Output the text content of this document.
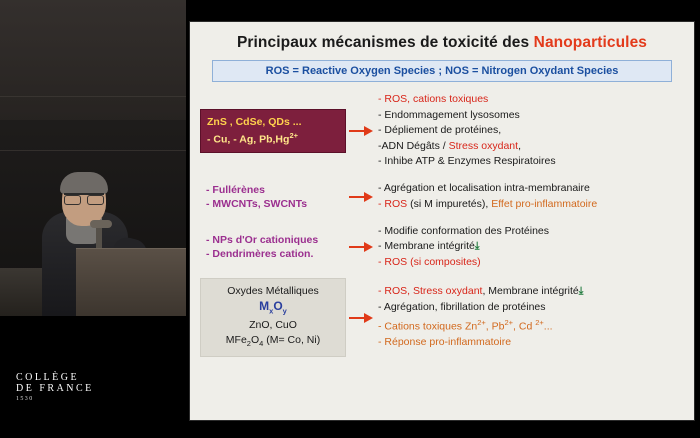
COLLÈGE
DE FRANCE
1530
Principaux mécanismes de toxicité des Nanoparticules
ROS = Reactive Oxygen Species ; NOS = Nitrogen Oxydant Species
ZnS , CdSe, QDs ...
- Cu, - Ag, $Pb,Hg^{2+}$
- ROS, cations toxiques
- Endommagement lysosomes
- Dépliement de protéines,
-ADN Dégâts / Stress oxydant,
- Inhibe ATP & Enzymes Respiratoires
- Fullérènes
- MWCNTs, SWCNTs
- Agrégation et localisation intra-membranaire
- ROS (si M impuretés), Effet pro-inflammatoire
- NPs d'Or cationiques
- Dendrimères cation.
- Modifie conformation des Protéines
- Membrane intégrité⤓
- ROS (si composites)
Oxydes Métalliques
$M_xO_y$
ZnO, CuO
$MFe_2O_4$ (M= Co, Ni)
- ROS, Stress oxydant, Membrane intégrité⤓
- Agrégation, fibrillation de protéines
- Cations toxiques $Zn^{2+}$, $Pb^{2+}$, Cd $^{2+}$...
- Réponse pro-inflammatoire
